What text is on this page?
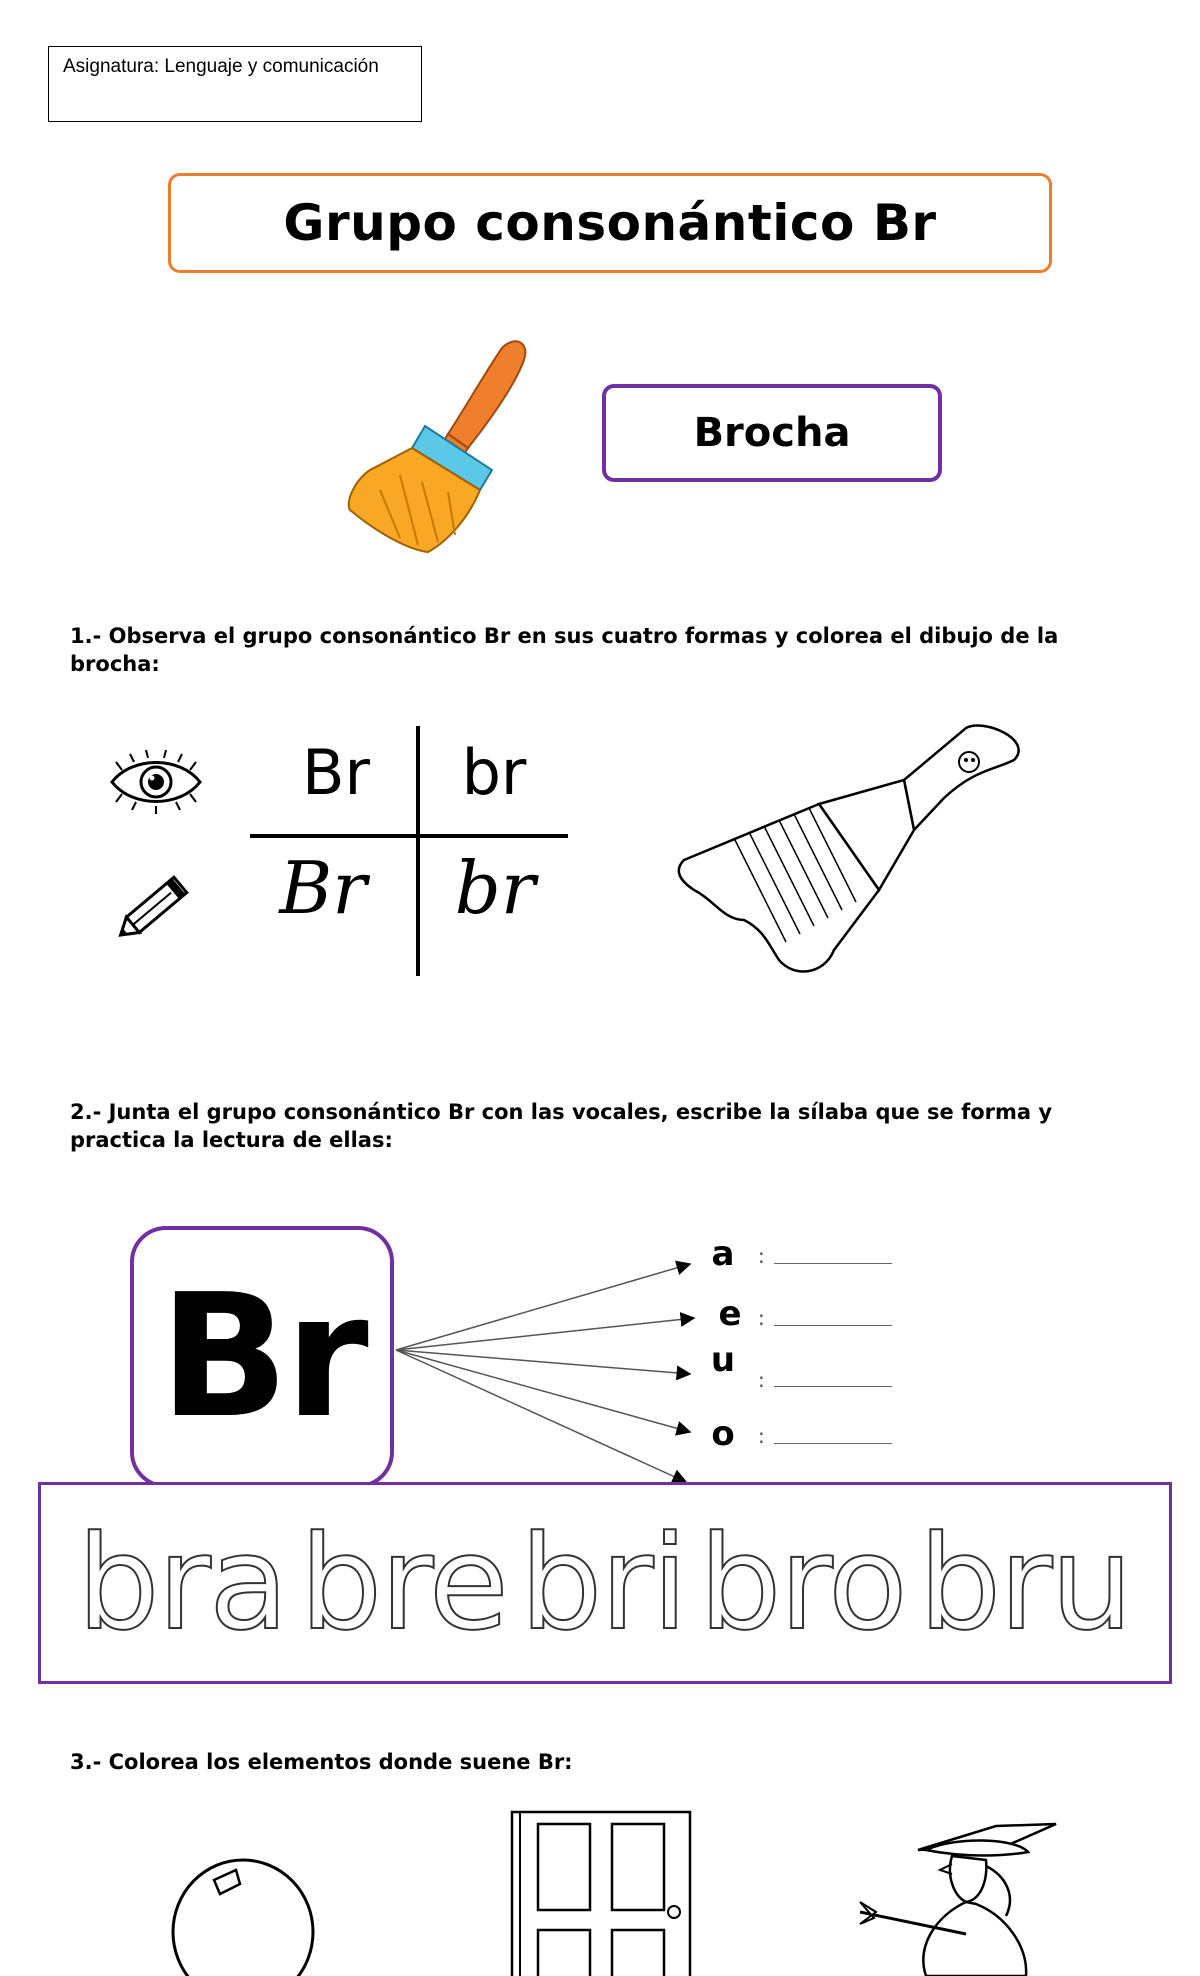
Asignatura: Lenguaje y comunicación
Grupo consonántico Br
Brocha
1.- Observa el grupo consonántico Br en sus cuatro formas y colorea el dibujo de la brocha:
Br br
Br br
2.- Junta el grupo consonántico Br con las vocales, escribe la sílaba que se forma y practica la lectura de ellas:
Br
a	:
e :
u	:
o	:
bra bre bri bro bru
3.- Colorea los elementos donde suene Br:
